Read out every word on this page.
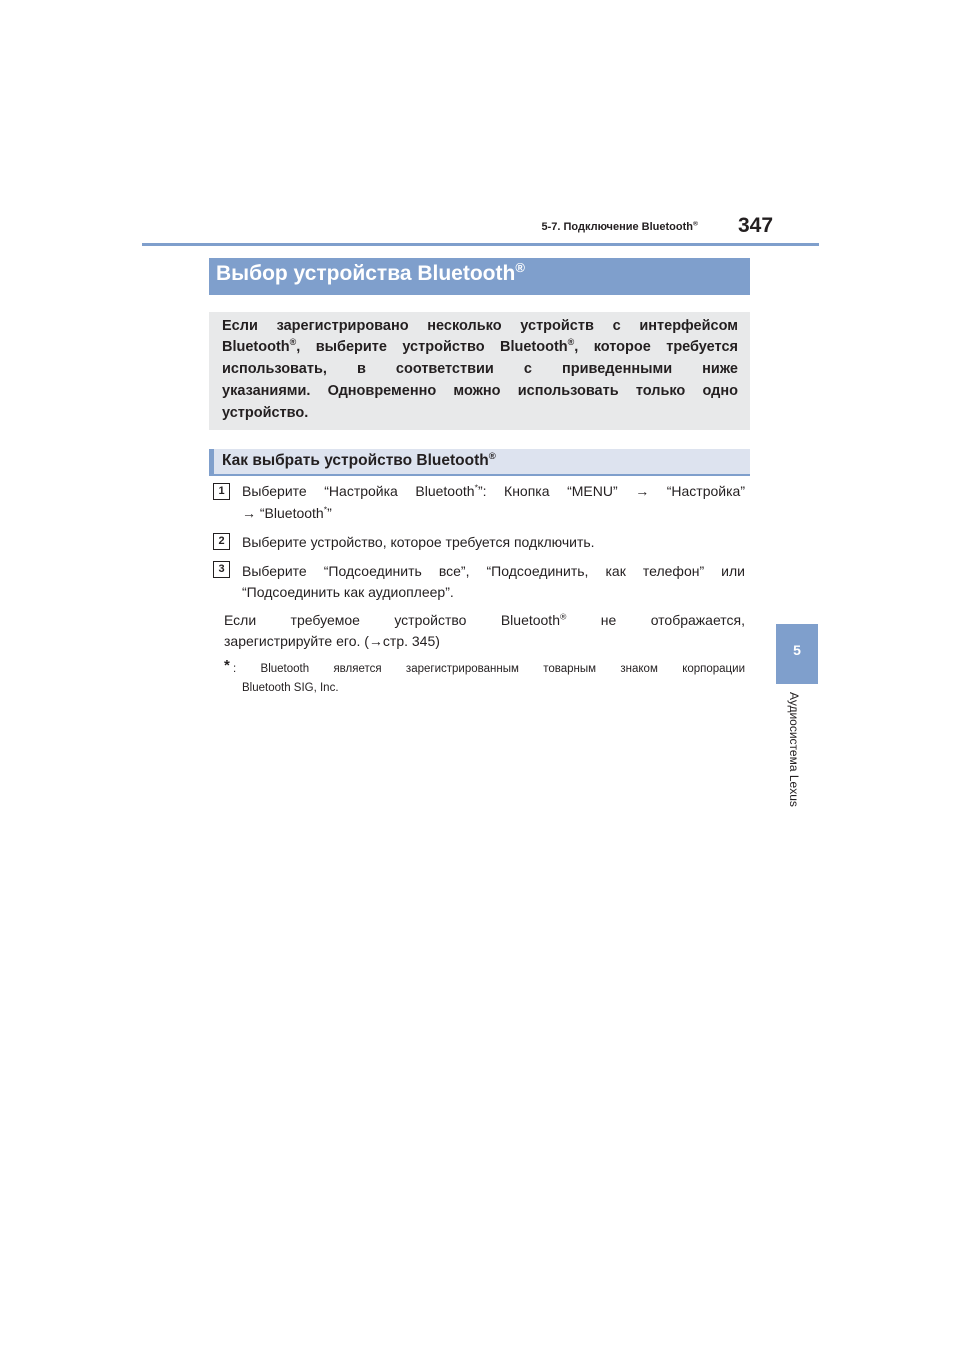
5-7. Подключение Bluetooth® 347
5
Аудиосистема Lexus
Выбор устройства Bluetooth®
Если зарегистрировано несколько устройств с интерфейсом
Bluetooth®, выберите устройство Bluetooth®, которое требуется
использовать, в соответствии с приведенными ниже
указаниями. Одновременно можно использовать только одно
устройство.
Как выбрать устройство Bluetooth®
1	Выберите “Настройка Bluetooth*”: Кнопка “MENU” → “Настройка”
→ “Bluetooth*”
2	Выберите устройство, которое требуется подключить.
3	Выберите “Подсоединить все”, “Подсоединить, как телефон” или
“Подсоединить как аудиоплеер”.
Если требуемое устройство Bluetooth® не отображается,
зарегистрируйте его. (→стр. 345)
* : Bluetooth является зарегистрированным товарным знаком корпорации
Bluetooth SIG, Inc.
